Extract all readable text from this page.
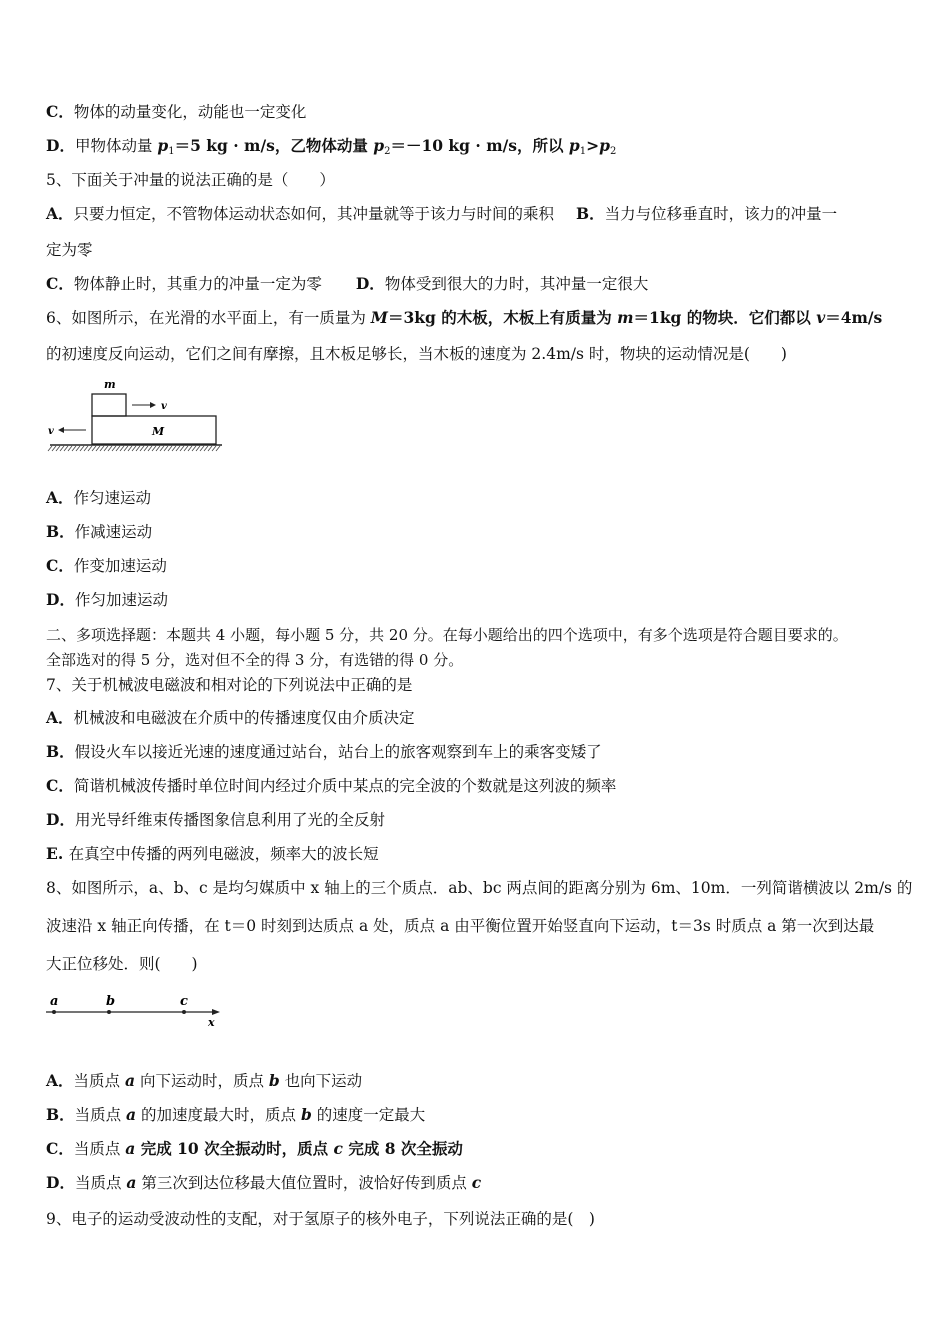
C．物体的动量变化，动能也一定变化
D．甲物体动量 $p_1=5$ kg · m/s，乙物体动量 $p_2=-10$ kg · m/s，所以 $p_1>p_2$
5、下面关于冲量的说法正确的是（　　）
A．只要力恒定，不管物体运动状态如何，其冲量就等于该力与时间的乘积 B．当力与位移垂直时，该力的冲量一
定为零
C．物体静止时，其重力的冲量一定为零 D．物体受到很大的力时，其冲量一定很大
6、如图所示，在光滑的水平面上，有一质量为 M＝3kg 的木板，木板上有质量为 m＝1kg 的物块．它们都以 v＝4m/s
的初速度反向运动，它们之间有摩擦，且木板足够长，当木板的速度为 2.4m/s 时，物块的运动情况是(　　)
m
v
M
v
A．作匀速运动
B．作减速运动
C．作变加速运动
D．作匀加速运动
二、多项选择题：本题共 4 小题，每小题 5 分，共 20 分。在每小题给出的四个选项中，有多个选项是符合题目要求的。
全部选对的得 5 分，选对但不全的得 3 分，有选错的得 0 分。
7、关于机械波电磁波和相对论的下列说法中正确的是
A．机械波和电磁波在介质中的传播速度仅由介质决定
B．假设火车以接近光速的速度通过站台，站台上的旅客观察到车上的乘客变矮了
C．简谐机械波传播时单位时间内经过介质中某点的完全波的个数就是这列波的频率
D．用光导纤维束传播图象信息利用了光的全反射
E. 在真空中传播的两列电磁波，频率大的波长短
8、如图所示，a、b、c 是均匀媒质中 x 轴上的三个质点．ab、bc 两点间的距离分别为 6m、10m．一列简谐横波以 2m/s 的
波速沿 x 轴正向传播，在 t＝0 时刻到达质点 a 处，质点 a 由平衡位置开始竖直向下运动，t＝3s 时质点 a 第一次到达最
大正位移处．则(　　)
a	b	c
x
A．当质点 a 向下运动时，质点 b 也向下运动
B．当质点 a 的加速度最大时，质点 b 的速度一定最大
C．当质点 a 完成 10 次全振动时，质点 c 完成 8 次全振动
D．当质点 a 第三次到达位移最大值位置时，波恰好传到质点 c
9、电子的运动受波动性的支配，对于氢原子的核外电子，下列说法正确的是(　)
